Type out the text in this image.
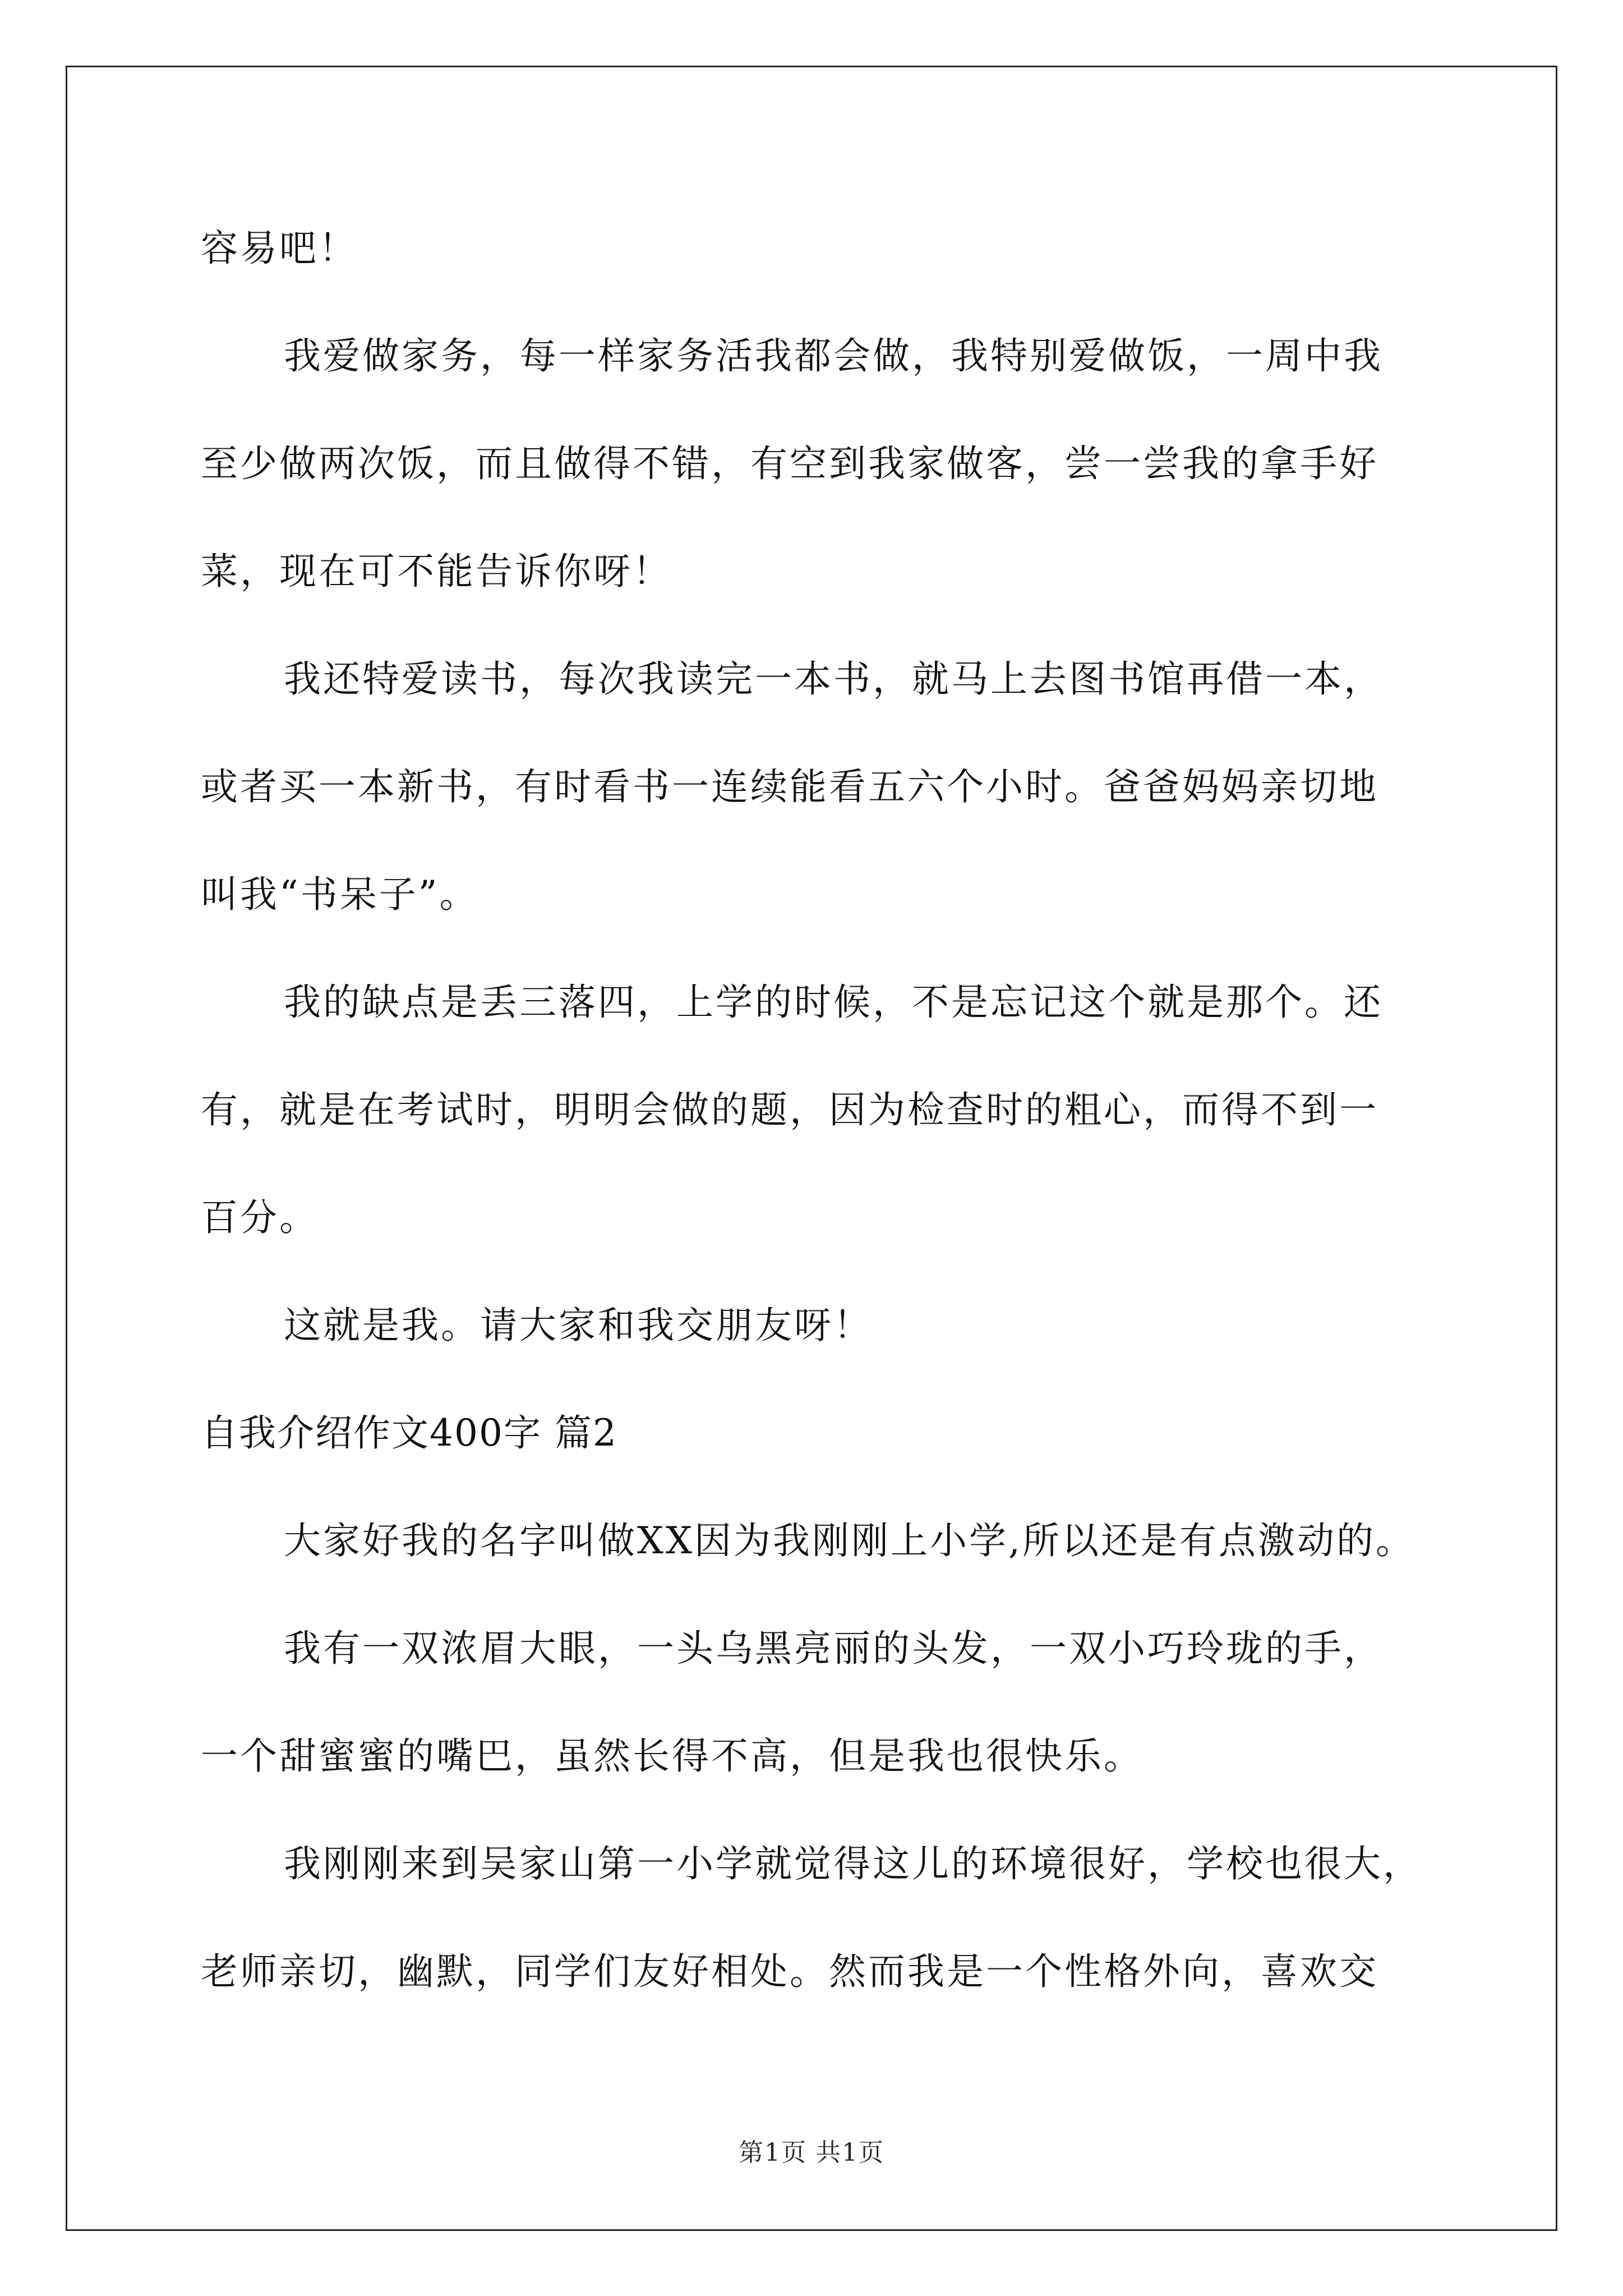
容易吧！
我爱做家务，每一样家务活我都会做，我特别爱做饭，一周中我
至少做两次饭，而且做得不错，有空到我家做客，尝一尝我的拿手好
菜，现在可不能告诉你呀！
我还特爱读书，每次我读完一本书，就马上去图书馆再借一本，
或者买一本新书，有时看书一连续能看五六个小时。爸爸妈妈亲切地
叫我“书呆子”。
我的缺点是丢三落四，上学的时候，不是忘记这个就是那个。还
有，就是在考试时，明明会做的题，因为检查时的粗心，而得不到一
百分。
这就是我。请大家和我交朋友呀！
自我介绍作文400字 篇2
大家好我的名字叫做XX因为我刚刚上小学,所以还是有点激动的。
我有一双浓眉大眼，一头乌黑亮丽的头发，一双小巧玲珑的手，
一个甜蜜蜜的嘴巴，虽然长得不高，但是我也很快乐。
我刚刚来到吴家山第一小学就觉得这儿的环境很好，学校也很大，
老师亲切，幽默，同学们友好相处。然而我是一个性格外向，喜欢交
第1页 共1页
